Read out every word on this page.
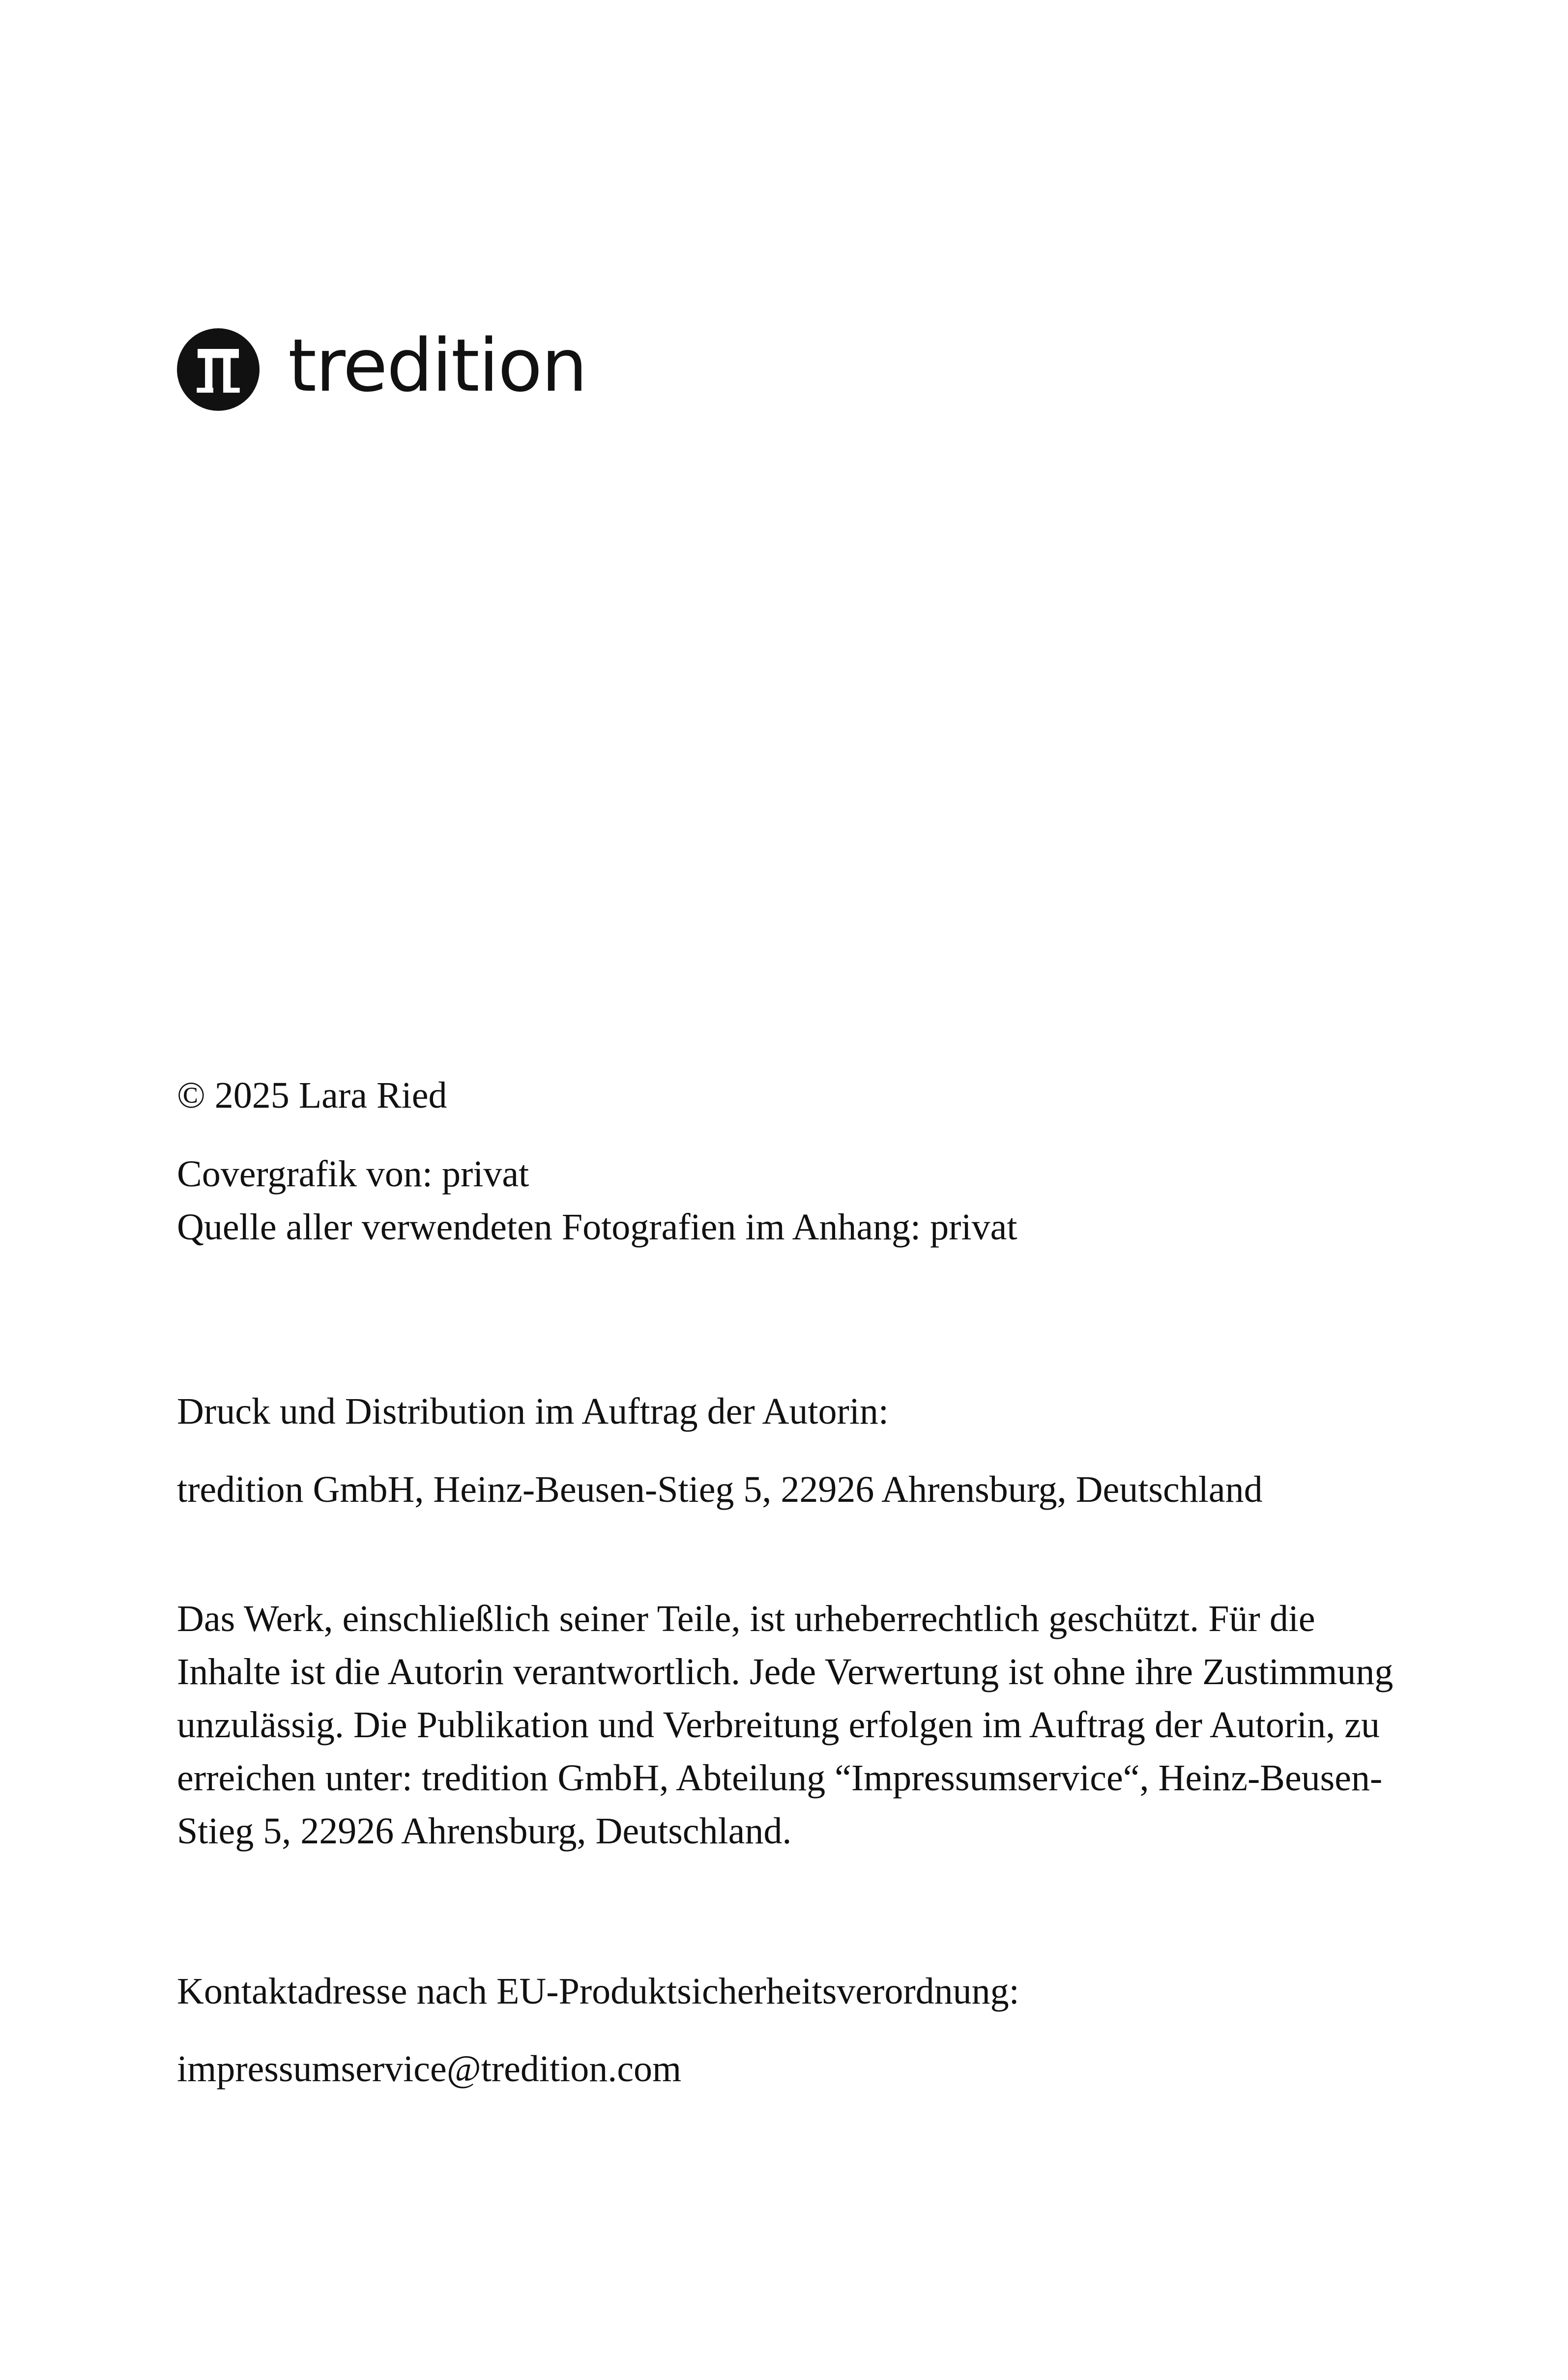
tredition
© 2025 Lara Ried
Covergrafik von: privat
Quelle aller verwendeten Fotografien im Anhang: privat
Druck und Distribution im Auftrag der Autorin:
tredition GmbH, Heinz-Beusen-Stieg 5, 22926 Ahrensburg, Deutschland
Das Werk, einschließlich seiner Teile, ist urheberrechtlich geschützt. Für die Inhalte ist die Autorin verantwortlich. Jede Verwertung ist ohne ihre Zustimmung unzulässig. Die Publikation und Verbreitung erfolgen im Auftrag der Autorin, zu erreichen unter: tredition GmbH, Abteilung “Impressumservice“, Heinz-Beusen-Stieg 5, 22926 Ahrensburg, Deutschland.
Kontaktadresse nach EU-Produktsicherheitsverordnung:
impressumservice@tredition.com
